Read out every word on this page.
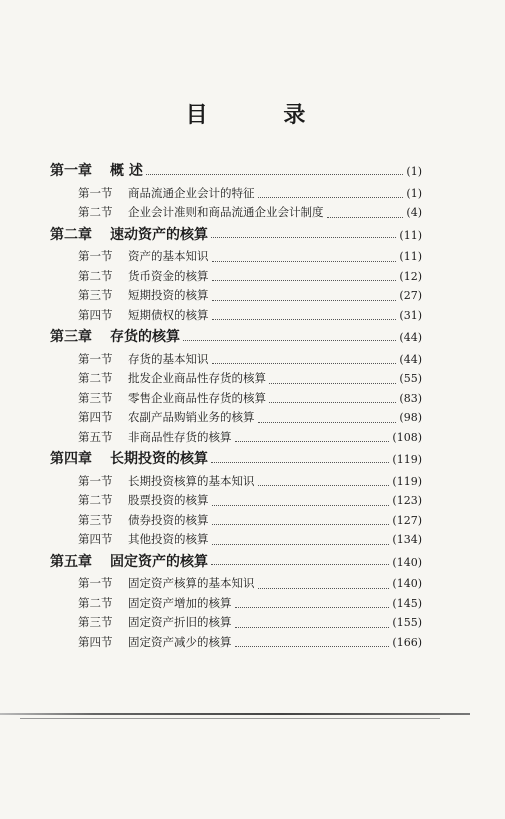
目 录
第一章	概 述	(1)
第一节	商品流通企业会计的特征	(1)
第二节	企业会计准则和商品流通企业会计制度	(4)
第二章	速动资产的核算	(11)
第一节	资产的基本知识	(11)
第二节	货币资金的核算	(12)
第三节	短期投资的核算	(27)
第四节	短期债权的核算	(31)
第三章	存货的核算	(44)
第一节	存货的基本知识	(44)
第二节	批发企业商品性存货的核算	(55)
第三节	零售企业商品性存货的核算	(83)
第四节	农副产品购销业务的核算	(98)
第五节	非商品性存货的核算	(108)
第四章	长期投资的核算	(119)
第一节	长期投资核算的基本知识	(119)
第二节	股票投资的核算	(123)
第三节	债券投资的核算	(127)
第四节	其他投资的核算	(134)
第五章	固定资产的核算	(140)
第一节	固定资产核算的基本知识	(140)
第二节	固定资产增加的核算	(145)
第三节	固定资产折旧的核算	(155)
第四节	固定资产减少的核算	(166)
